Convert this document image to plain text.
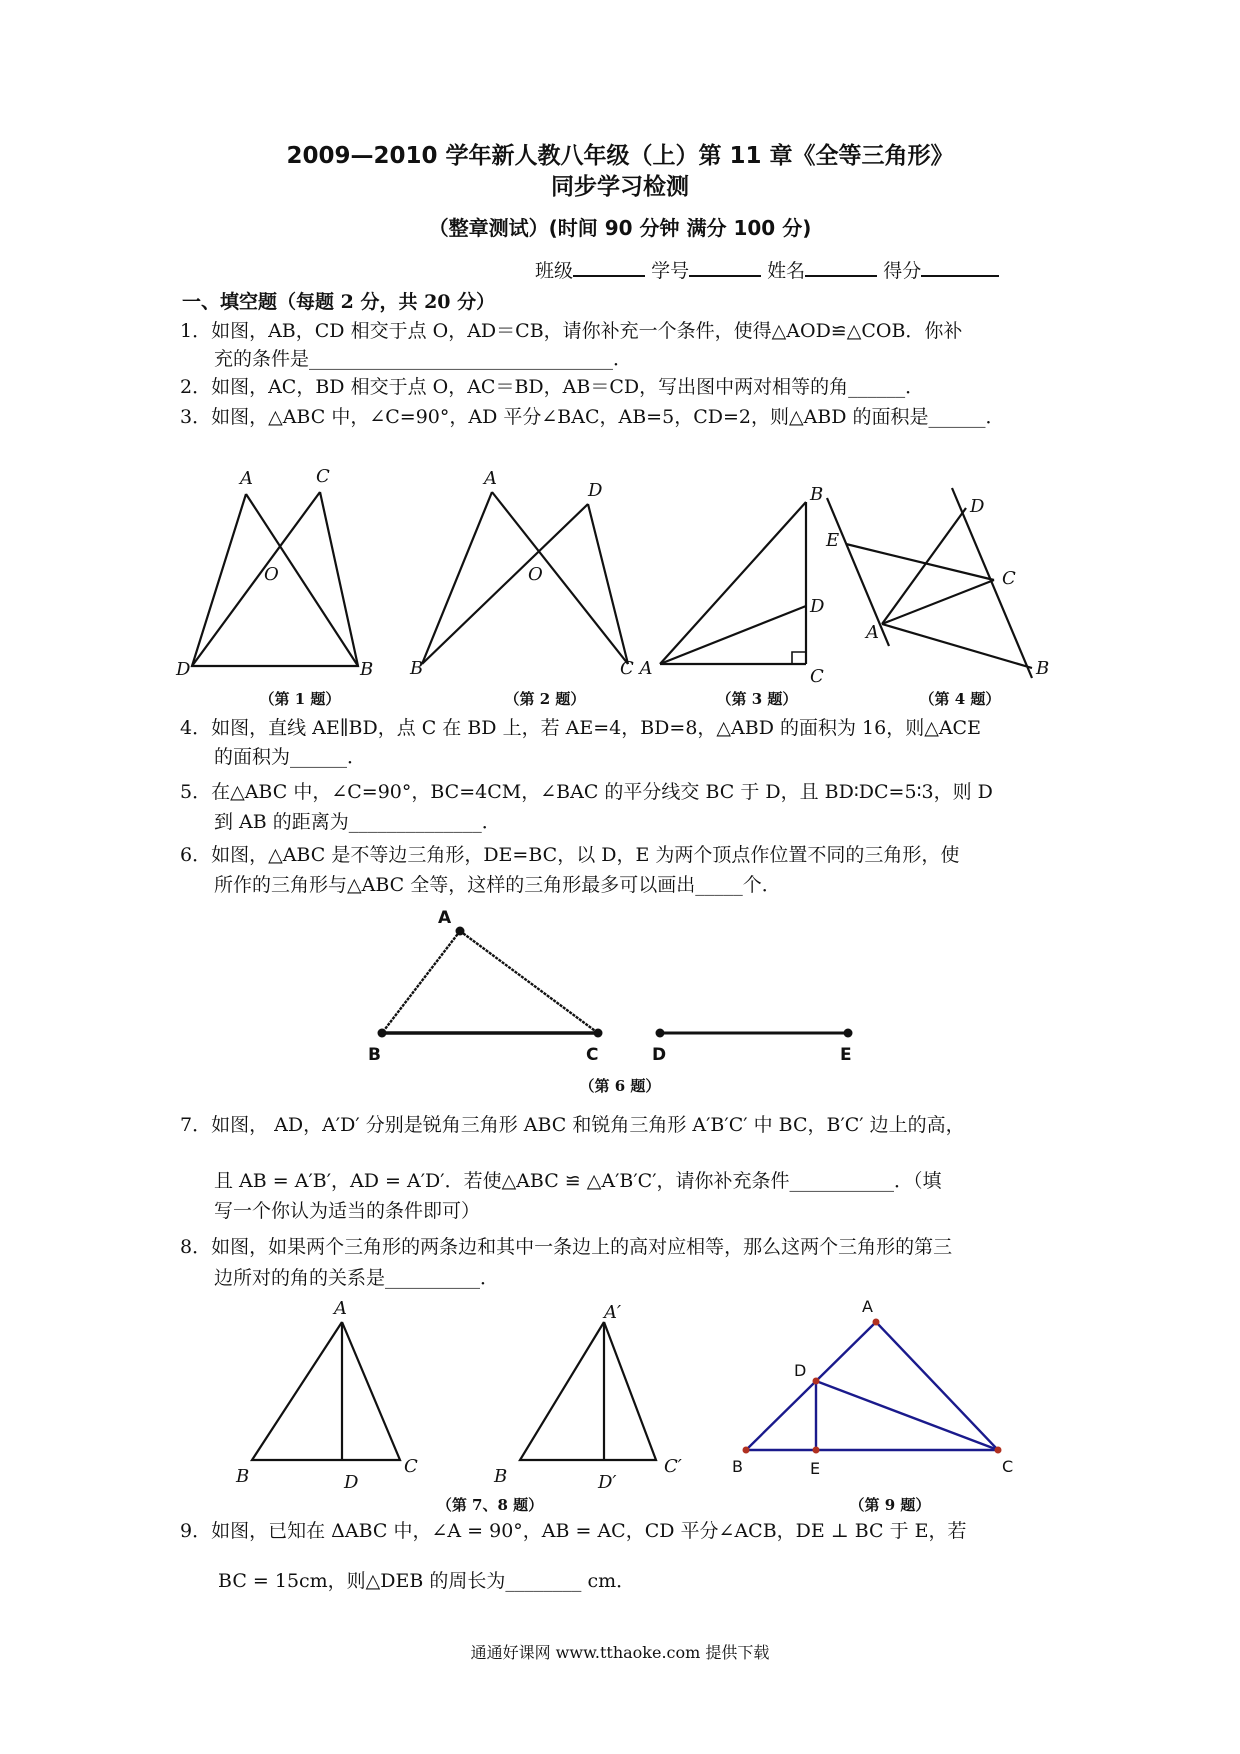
2009—2010 学年新人教八年级（上）第 11 章《全等三角形》
同步学习检测
（整章测试）(时间 90 分钟 满分 100 分)
班级	学号	姓名	得分
一、填空题（每题 2 分，共 20 分）
1．如图，AB，CD 相交于点 O，AD＝CB，请你补充一个条件，使得△AOD≌△COB．你补
充的条件是________________________________．
2．如图，AC，BD 相交于点 O，AC＝BD，AB＝CD，写出图中两对相等的角______．
3．如图，△ABC 中，∠C=90°，AD 平分∠BAC，AB=5，CD=2，则△ABD 的面积是______．
A	C
O
D	B
（第 1 题）
A
D
O
B	C A
（第 2 题）
B
D
C
（第 3 题）
D
E
C
A
B
（第 4 题）
4．如图，直线 AE∥BD，点 C 在 BD 上，若 AE=4，BD=8，△ABD 的面积为 16，则△ACE
的面积为______．
5．在△ABC 中，∠C=90°，BC=4CM，∠BAC 的平分线交 BC 于 D，且 BD∶DC=5∶3，则 D
到 AB 的距离为______________．
6．如图，△ABC 是不等边三角形，DE=BC，以 D，E 为两个顶点作位置不同的三角形，使
所作的三角形与△ABC 全等，这样的三角形最多可以画出_____个．
A
B	C	D	E
（第 6 题）
7．如图， AD，A′D′ 分别是锐角三角形 ABC 和锐角三角形 A′B′C′ 中 BC，B′C′ 边上的高，
且 AB = A′B′，AD = A′D′．若使△ABC ≌ △A′B′C′，请你补充条件___________．（填
写一个你认为适当的条件即可）
8．如图，如果两个三角形的两条边和其中一条边上的高对应相等，那么这两个三角形的第三
边所对的角的关系是__________．
A
B	D
C
A′
B	D′
C′
（第 7、8 题）
A
D
B	E	C
（第 9 题）
9．如图，已知在 ΔABC 中，∠A = 90°，AB = AC，CD 平分∠ACB，DE ⊥ BC 于 E，若
BC = 15cm，则△DEB 的周长为________ cm．
通通好课网 www.tthaoke.com 提供下载
